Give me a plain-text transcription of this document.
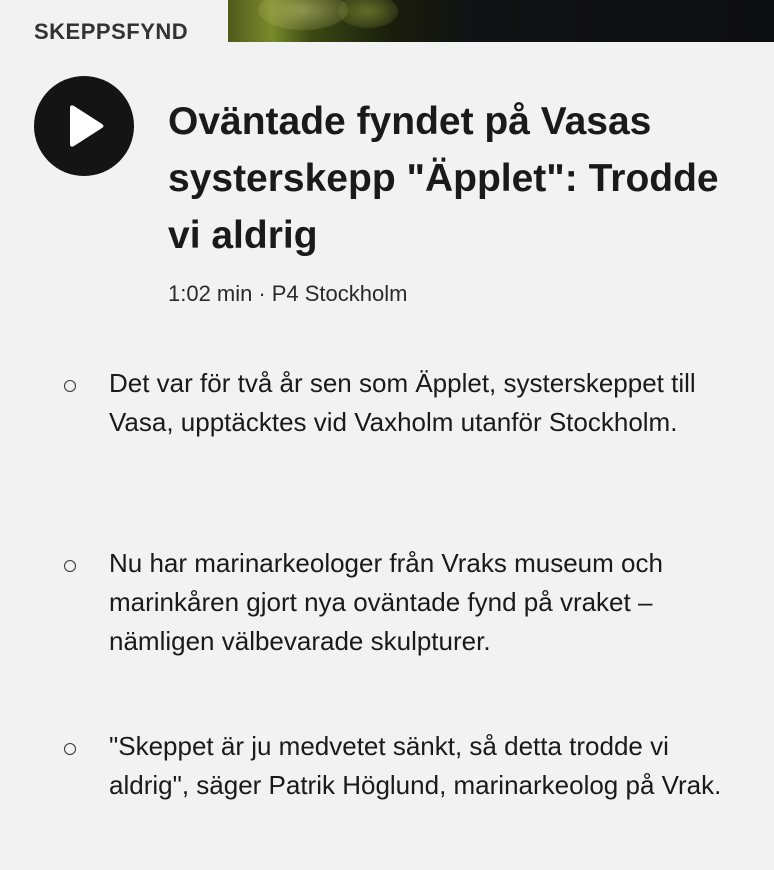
SKEPPSFYND
Oväntade fyndet på Vasas systerskepp "Äpplet": Trodde vi aldrig
1:02 min · P4 Stockholm
Det var för två år sen som Äpplet, systerskeppet till Vasa, upptäcktes vid Vaxholm utanför Stockholm.
Nu har marinarkeologer från Vraks museum och marinkåren gjort nya oväntade fynd på vraket – nämligen välbevarade skulpturer.
"Skeppet är ju medvetet sänkt, så detta trodde vi aldrig", säger Patrik Höglund, marinarkeolog på Vrak.
